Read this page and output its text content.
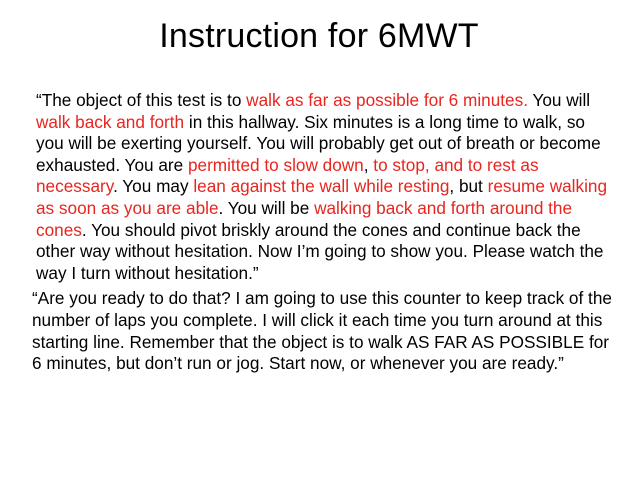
Instruction for 6MWT

“The object of this test is to walk as far as possible for 6 minutes. You will walk back and forth in this hallway. Six minutes is a long time to walk, so you will be exerting yourself. You will probably get out of breath or become exhausted. You are permitted to slow down, to stop, and to rest as necessary. You may lean against the wall while resting, but resume walking as soon as you are able. You will be walking back and forth around the cones. You should pivot briskly around the cones and continue back the other way without hesitation. Now I’m going to show you. Please watch the way I turn without hesitation.”

“Are you ready to do that? I am going to use this counter to keep track of the number of laps you complete. I will click it each time you turn around at this starting line. Remember that the object is to walk AS FAR AS POSSIBLE for 6 minutes, but don’t run or jog. Start now, or whenever you are ready.”
